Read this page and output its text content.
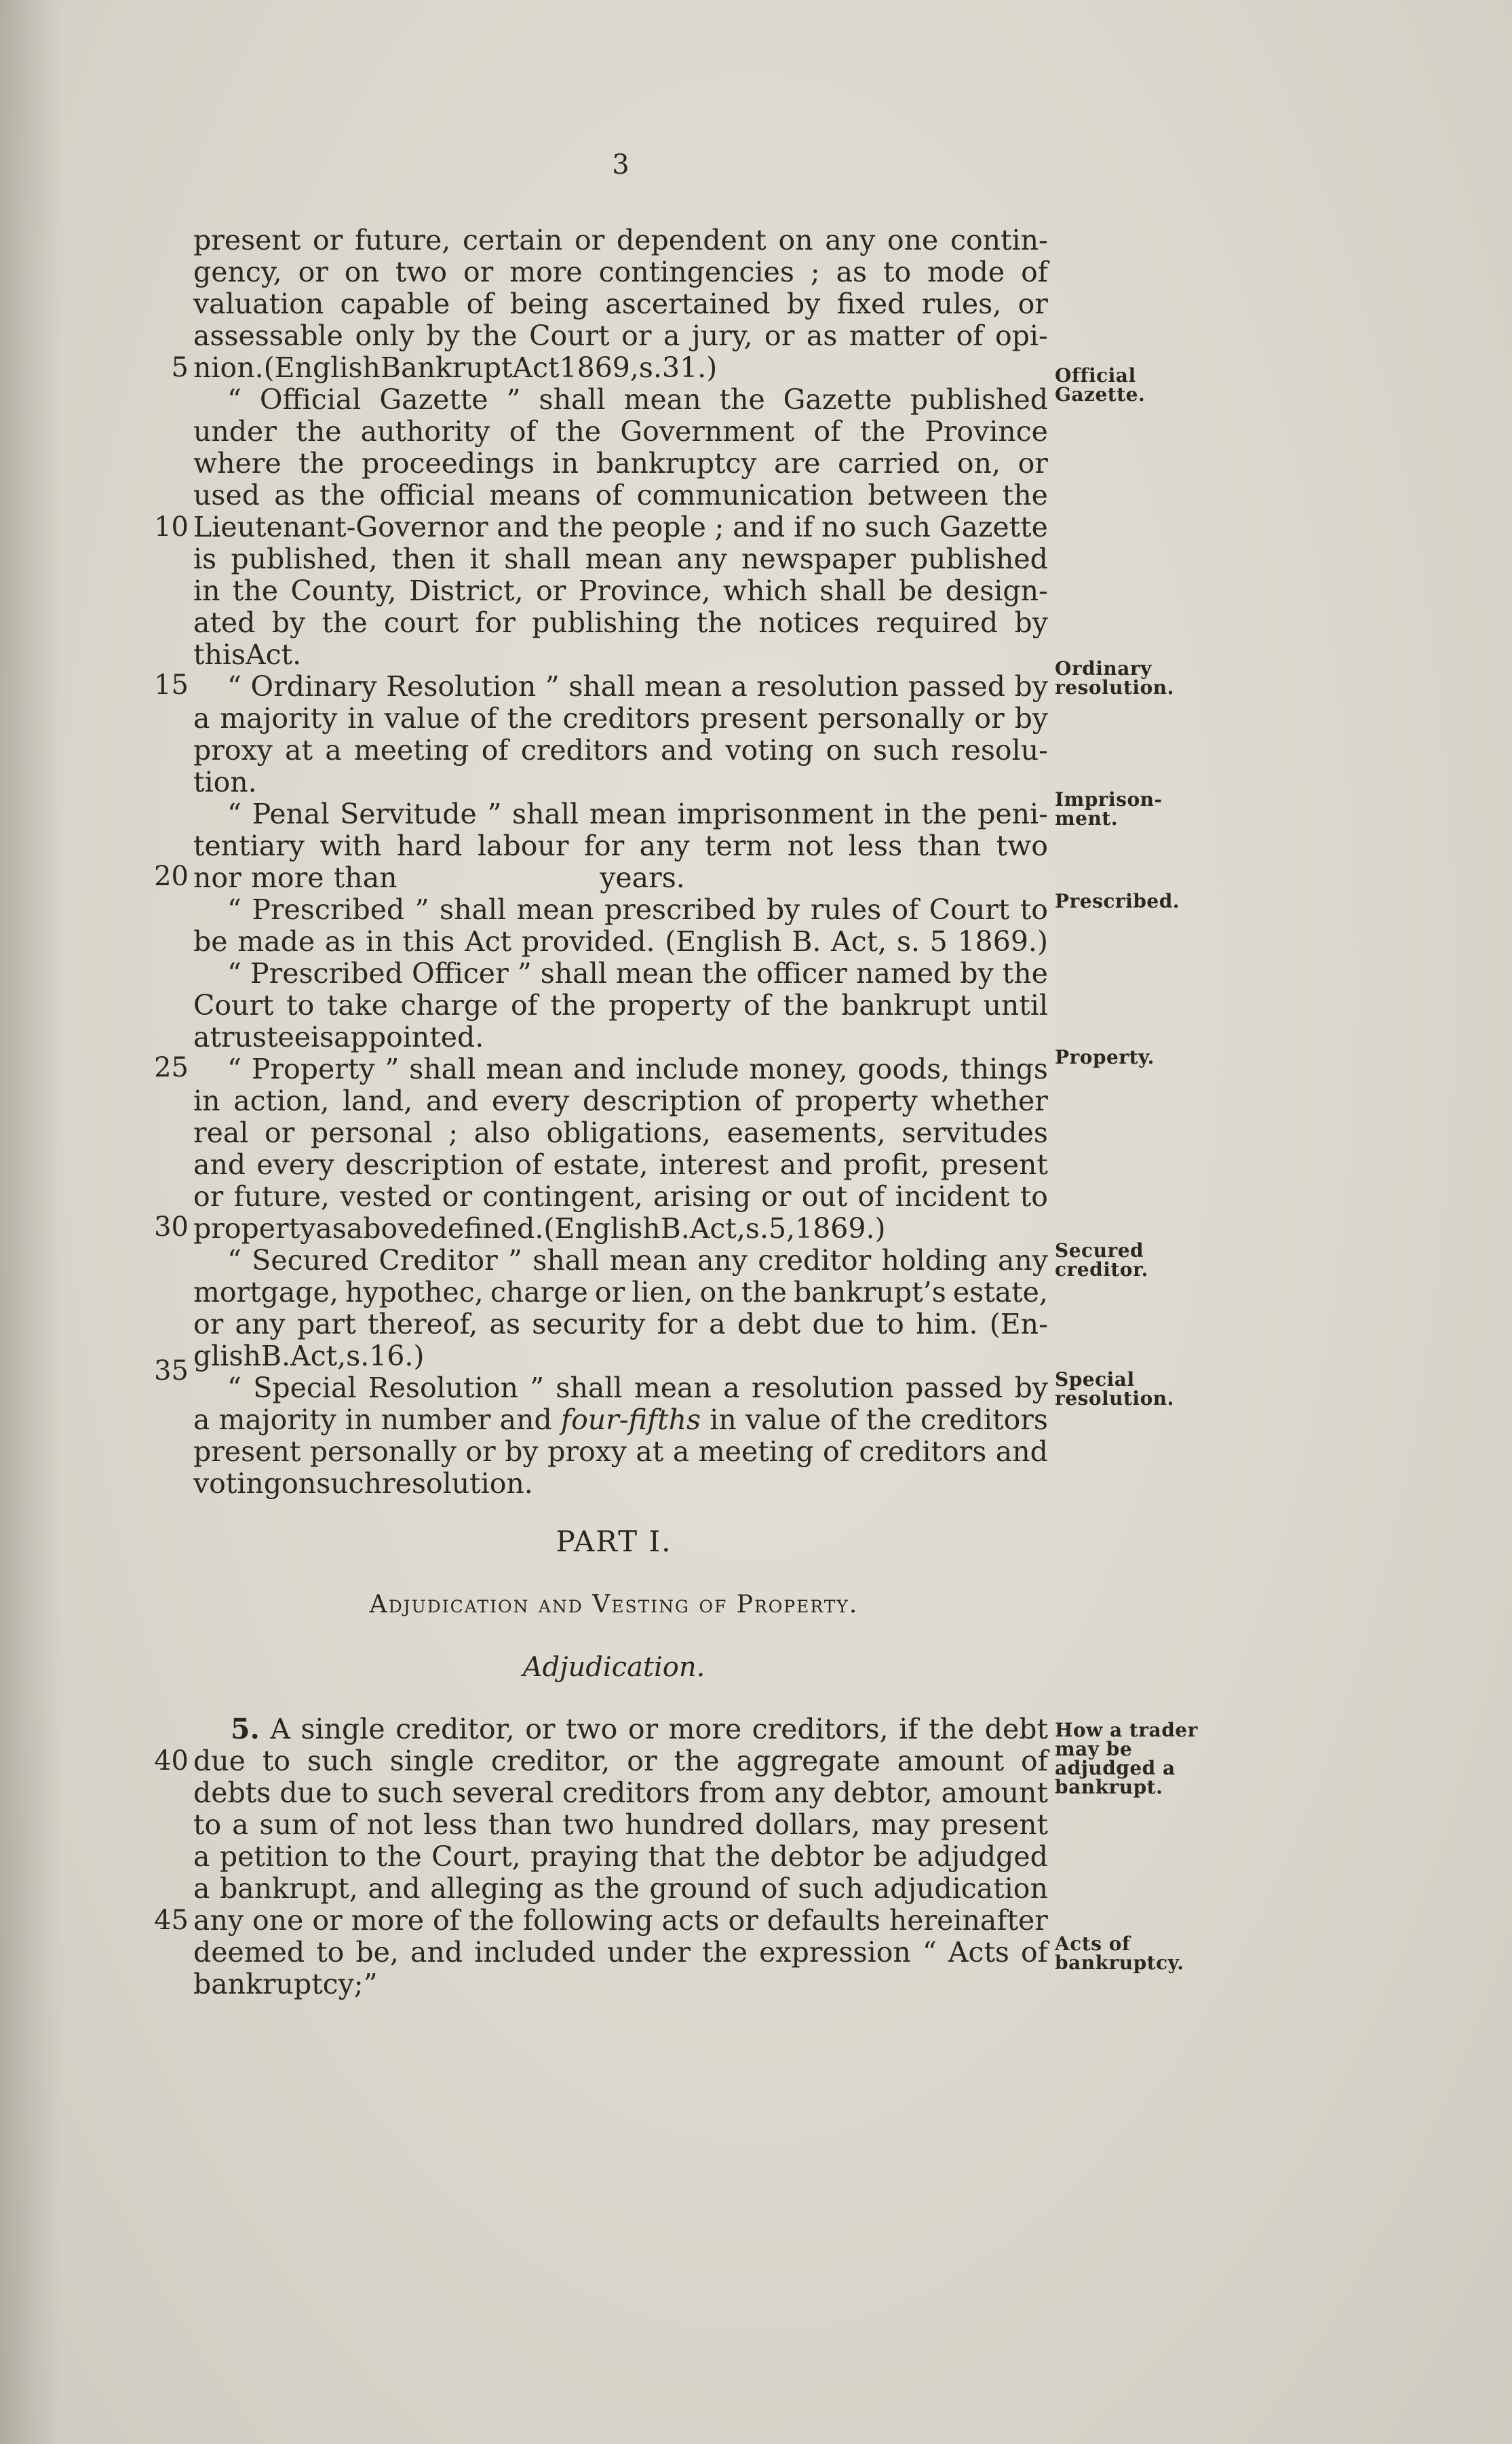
3
present or future, certain or dependent on any one contin-
gency, or on two or more contingencies ; as to mode of
valuation capable of being ascertained by fixed rules, or
assessable only by the Court or a jury, or as matter of opi-
nion. (English Bankrupt Act 1869, s. 31.)
“ Official Gazette ” shall mean the Gazette published
under the authority of the Government of the Province
where the proceedings in bankruptcy are carried on, or
used as the official means of communication between the
Lieutenant-Governor and the people ; and if no such Gazette
is published, then it shall mean any newspaper published
in the County, District, or Province, which shall be design-
ated by the court for publishing the notices required by
this Act.
“ Ordinary Resolution ” shall mean a resolution passed by
a majority in value of the creditors present personally or by
proxy at a meeting of creditors and voting on such resolu-
tion.
“ Penal Servitude ” shall mean imprisonment in the peni-
tentiary with hard labour for any term not less than two
nor more than	years.
“ Prescribed ” shall mean prescribed by rules of Court to
be made as in this Act provided. (English B. Act, s. 5 1869.)
“ Prescribed Officer ” shall mean the officer named by the
Court to take charge of the property of the bankrupt until
a trustee is appointed.
“ Property ” shall mean and include money, goods, things
in action, land, and every description of property whether
real or personal ; also obligations, easements, servitudes
and every description of estate, interest and profit, present
or future, vested or contingent, arising or out of incident to
property as above defined. (English B. Act, s. 5, 1869.)
“ Secured Creditor ” shall mean any creditor holding any
mortgage, hypothec, charge or lien, on the bankrupt’s estate,
or any part thereof, as security for a debt due to him. (En-
glish B. Act, s. 16.)
“ Special Resolution ” shall mean a resolution passed by
a majority in number and four-fifths in value of the creditors
present personally or by proxy at a meeting of creditors and
voting on such resolution.
5
10
15
20
25
30
35
40
45
Official
Gazette.
Ordinary
resolution.
Imprison-
ment.
Prescribed.
Property.
Secured
creditor.
Special
resolution.
How a trader
may be
adjudged a
bankrupt.
Acts of
bankruptcy.
PART I.
Adjudication and Vesting of Property.
Adjudication.
5. A single creditor, or two or more creditors, if the debt
due to such single creditor, or the aggregate amount of
debts due to such several creditors from any debtor, amount
to a sum of not less than two hundred dollars, may present
a petition to the Court, praying that the debtor be adjudged
a bankrupt, and alleging as the ground of such adjudication
any one or more of the following acts or defaults hereinafter
deemed to be, and included under the expression “ Acts of
bankruptcy ;”
